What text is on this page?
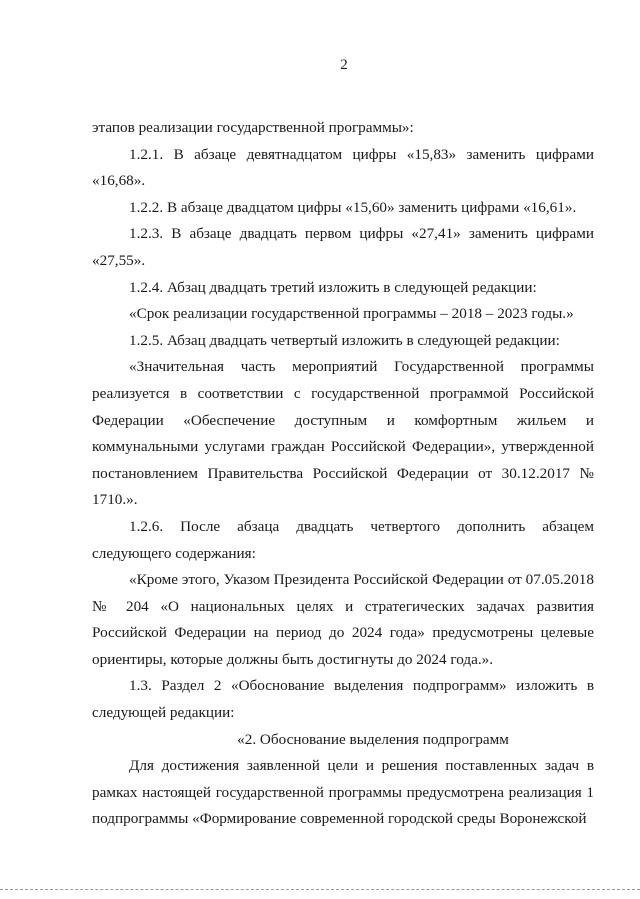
2

этапов реализации государственной программы»:

1.2.1. В абзаце девятнадцатом цифры «15,83» заменить цифрами «16,68».

1.2.2. В абзаце двадцатом цифры «15,60» заменить цифрами «16,61».

1.2.3. В абзаце двадцать первом цифры «27,41» заменить цифрами «27,55».

1.2.4. Абзац двадцать третий изложить в следующей редакции:

«Срок реализации государственной программы – 2018 – 2023 годы.»

1.2.5. Абзац двадцать четвертый изложить в следующей редакции:

«Значительная часть мероприятий Государственной программы реализуется в соответствии с государственной программой Российской Федерации «Обеспечение доступным и комфортным жильем и коммунальными услугами граждан Российской Федерации», утвержденной постановлением Правительства Российской Федерации от 30.12.2017 № 1710.».

1.2.6. После абзаца двадцать четвертого дополнить абзацем следующего содержания:

«Кроме этого, Указом Президента Российской Федерации от 07.05.2018 № 204 «О национальных целях и стратегических задачах развития Российской Федерации на период до 2024 года» предусмотрены целевые ориентиры, которые должны быть достигнуты до 2024 года.».

1.3. Раздел 2 «Обоснование выделения подпрограмм» изложить в следующей редакции:

«2. Обоснование выделения подпрограмм

Для достижения заявленной цели и решения поставленных задач в рамках настоящей государственной программы предусмотрена реализация 1 подпрограммы «Формирование современной городской среды Воронежской
